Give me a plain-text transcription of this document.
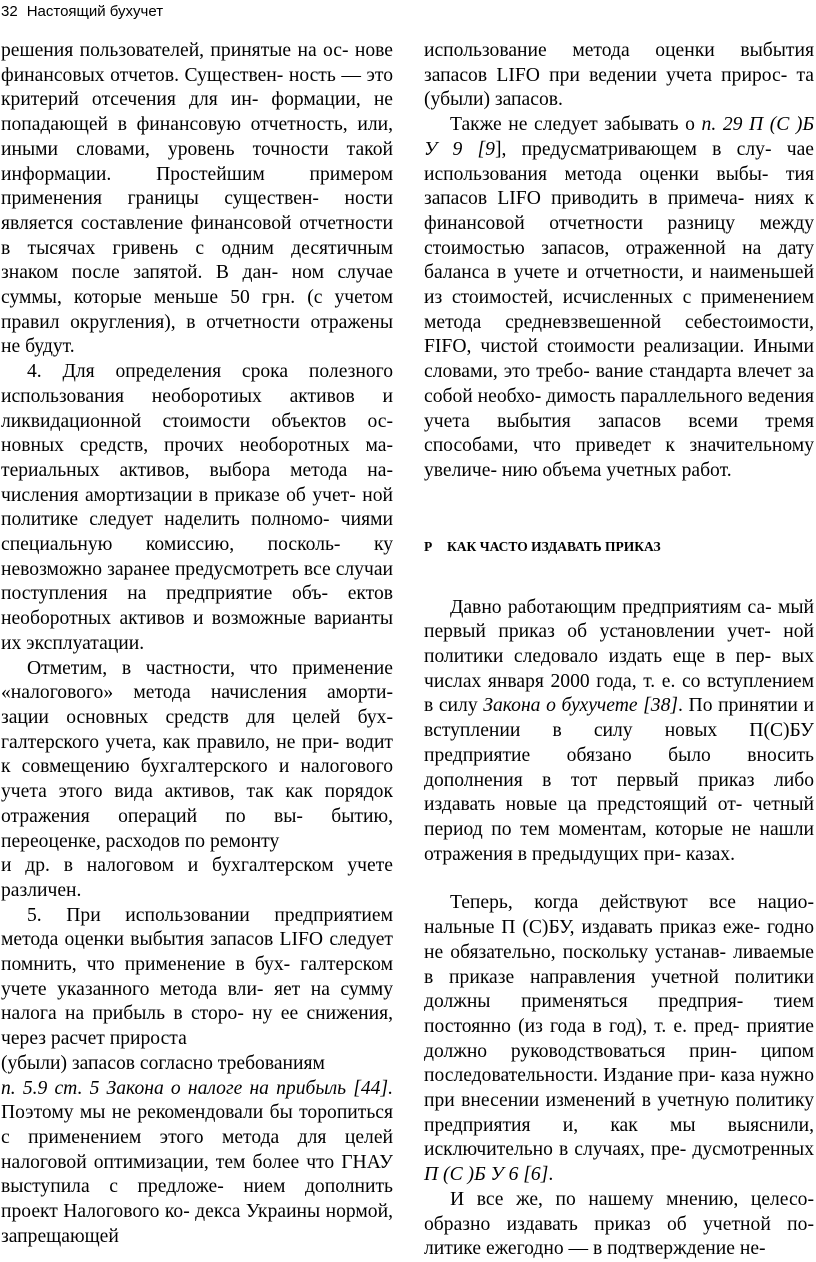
32 Настоящий бухучет

решения пользователей, принятые на ос- нове финансовых отчетов. Существен- ность — это критерий отсечения для ин- формации, не попадающей в финансовую отчетность, или, иными словами, уровень точности такой информации. Простейшим примером применения границы существен- ности является составление финансовой отчетности в тысячах гривень с одним десятичным знаком после запятой. В дан- ном случае суммы, которые меньше 50 грн. (с учетом правил округления), в отчетности отражены не будут.

4. Для определения срока полезного использования необоротиых активов и ликвидационной стоимости объектов ос- новных средств, прочих необоротных ма- териальных активов, выбора метода на- числения амортизации в приказе об учет- ной политике следует наделить полномо- чиями специальную комиссию, посколь- ку невозможно заранее предусмотреть все случаи поступления на предприятие объ- ектов необоротных активов и возможные варианты их эксплуатации.

Отметим, в частности, что применение «налогового» метода начисления аморти- зации основных средств для целей бух- галтерского учета, как правило, не при- водит к совмещению бухгалтерского и налогового учета этого вида активов, так как порядок отражения операций по вы- бытию, переоценке, расходов по ремонту

и др. в налоговом и бухгалтерском учете различен.

5. При использовании предприятием метода оценки выбытия запасов LIFO следует помнить, что применение в бух- галтерском учете указанного метода вли- яет на сумму налога на прибыль в сторо- ну ее снижения, через расчет прироста

(убыли) запасов согласно требованиям

п. 5.9 ст. 5 Закона о налоге на прибыль [44]. Поэтому мы не рекомендовали бы торопиться с применением этого метода для целей налоговой оптимизации, тем более что ГНАУ выступила с предложе- нием дополнить проект Налогового ко- декса Украины нормой, запрещающей

использование метода оценки выбытия запасов LIFO при ведении учета прирос- та (убыли) запасов.

Также не следует забывать о п. 29 П (С )Б У 9 [9], предусматривающем в слу- чае использования метода оценки выбы- тия запасов LIFO приводить в примеча- ниях к финансовой отчетности разницу между стоимостью запасов, отраженной на дату баланса в учете и отчетности, и наименьшей из стоимостей, исчисленных с применением метода средневзвешенной себестоимости, FIFO, чистой стоимости реализации. Иными словами, это требо- вание стандарта влечет за собой необхо- димость параллельного ведения учета выбытия запасов всеми тремя способами, что приведет к значительному увеличе- нию объема учетных работ.

Р КАК ЧАСТО ИЗДАВАТЬ ПРИКАЗ

Давно работающим предприятиям са- мый первый приказ об установлении учет- ной политики следовало издать еще в пер- вых числах января 2000 года, т. е. со вступлением в силу Закона о бухучете [38]. По принятии и вступлении в силу новых П(С)БУ предприятие обязано было вносить дополнения в тот первый приказ либо издавать новые ца предстоящий от- четный период по тем моментам, которые не нашли отражения в предыдущих при- казах.

Теперь, когда действуют все нацио- нальные П (С)БУ, издавать приказ еже- годно не обязательно, поскольку устанав- ливаемые в приказе направления учетной политики должны применяться предприя- тием постоянно (из года в год), т. е. пред- приятие должно руководствоваться прин- ципом последовательности. Издание при- каза нужно при внесении изменений в учетную политику предприятия и, как мы выяснили, исключительно в случаях, пре- дусмотренных П (С )Б У 6 [6].

И все же, по нашему мнению, целесо- образно издавать приказ об учетной по- литике ежегодно — в подтверждение не-
